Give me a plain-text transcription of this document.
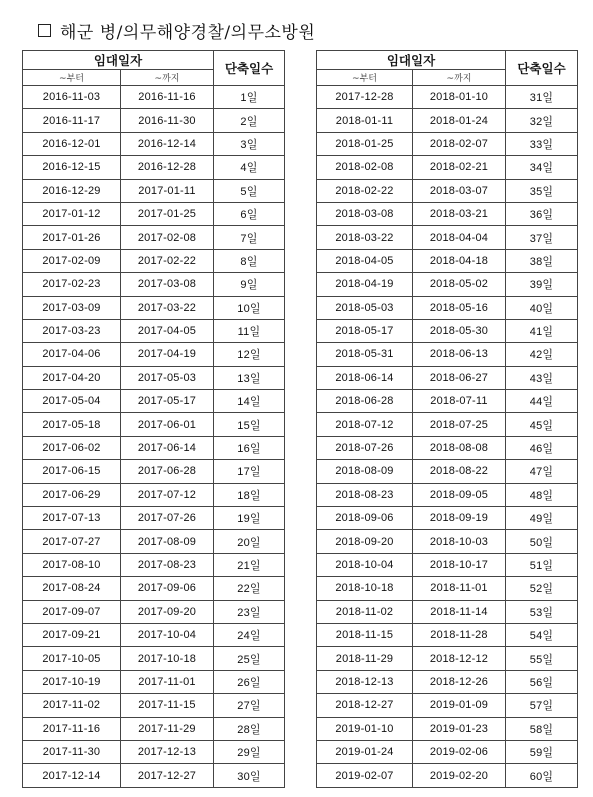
해군 병/의무해양경찰/의무소방원
임대일자		단축일수
~부터	~까지	
2016-11-03	2016-11-16	1일
2016-11-17	2016-11-30	2일
2016-12-01	2016-12-14	3일
2016-12-15	2016-12-28	4일
2016-12-29	2017-01-11	5일
2017-01-12	2017-01-25	6일
2017-01-26	2017-02-08	7일
2017-02-09	2017-02-22	8일
2017-02-23	2017-03-08	9일
2017-03-09	2017-03-22	10일
2017-03-23	2017-04-05	11일
2017-04-06	2017-04-19	12일
2017-04-20	2017-05-03	13일
2017-05-04	2017-05-17	14일
2017-05-18	2017-06-01	15일
2017-06-02	2017-06-14	16일
2017-06-15	2017-06-28	17일
2017-06-29	2017-07-12	18일
2017-07-13	2017-07-26	19일
2017-07-27	2017-08-09	20일
2017-08-10	2017-08-23	21일
2017-08-24	2017-09-06	22일
2017-09-07	2017-09-20	23일
2017-09-21	2017-10-04	24일
2017-10-05	2017-10-18	25일
2017-10-19	2017-11-01	26일
2017-11-02	2017-11-15	27일
2017-11-16	2017-11-29	28일
2017-11-30	2017-12-13	29일
2017-12-14	2017-12-27	30일
임대일자		단축일수
~부터	~까지	
2017-12-28	2018-01-10	31일
2018-01-11	2018-01-24	32일
2018-01-25	2018-02-07	33일
2018-02-08	2018-02-21	34일
2018-02-22	2018-03-07	35일
2018-03-08	2018-03-21	36일
2018-03-22	2018-04-04	37일
2018-04-05	2018-04-18	38일
2018-04-19	2018-05-02	39일
2018-05-03	2018-05-16	40일
2018-05-17	2018-05-30	41일
2018-05-31	2018-06-13	42일
2018-06-14	2018-06-27	43일
2018-06-28	2018-07-11	44일
2018-07-12	2018-07-25	45일
2018-07-26	2018-08-08	46일
2018-08-09	2018-08-22	47일
2018-08-23	2018-09-05	48일
2018-09-06	2018-09-19	49일
2018-09-20	2018-10-03	50일
2018-10-04	2018-10-17	51일
2018-10-18	2018-11-01	52일
2018-11-02	2018-11-14	53일
2018-11-15	2018-11-28	54일
2018-11-29	2018-12-12	55일
2018-12-13	2018-12-26	56일
2018-12-27	2019-01-09	57일
2019-01-10	2019-01-23	58일
2019-01-24	2019-02-06	59일
2019-02-07	2019-02-20	60일
